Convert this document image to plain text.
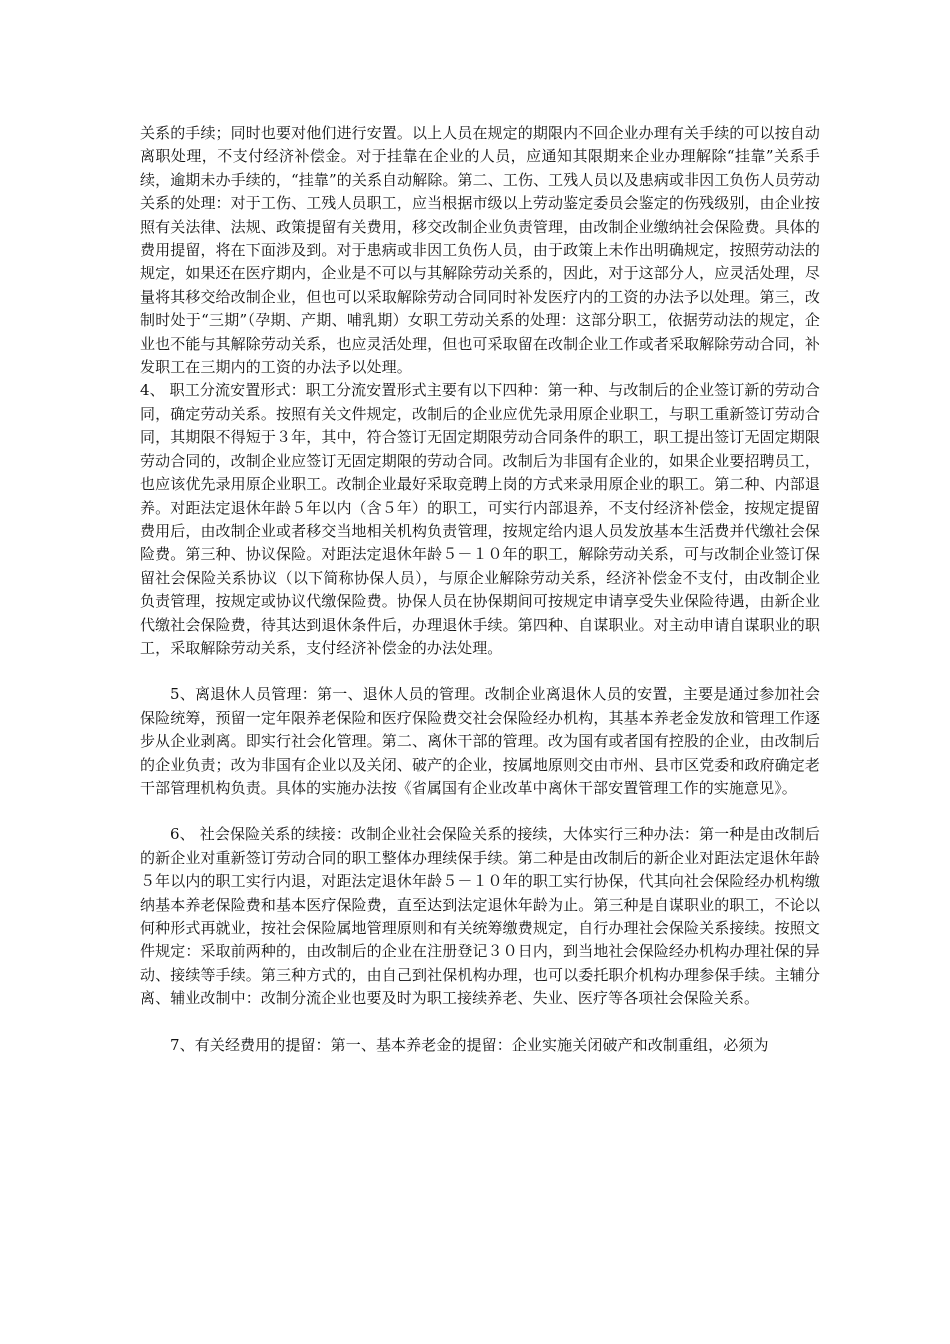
关系的手续；同时也要对他们进行安置。以上人员在规定的期限内不回企业办理有关手续的可以按自动离职处理，不支付经济补偿金。对于挂靠在企业的人员，应通知其限期来企业办理解除“挂靠”关系手续，逾期未办手续的，“挂靠”的关系自动解除。第二、工伤、工残人员以及患病或非因工负伤人员劳动关系的处理：对于工伤、工残人员职工，应当根据市级以上劳动鉴定委员会鉴定的伤残级别，由企业按照有关法律、法规、政策提留有关费用，移交改制企业负责管理，由改制企业缴纳社会保险费。具体的费用提留，将在下面涉及到。对于患病或非因工负伤人员，由于政策上未作出明确规定，按照劳动法的规定，如果还在医疗期内，企业是不可以与其解除劳动关系的，因此，对于这部分人，应灵活处理，尽量将其移交给改制企业，但也可以采取解除劳动合同同时补发医疗内的工资的办法予以处理。第三，改制时处于“三期”（孕期、产期、哺乳期）女职工劳动关系的处理：这部分职工，依据劳动法的规定，企业也不能与其解除劳动关系，也应灵活处理，但也可采取留在改制企业工作或者采取解除劳动合同，补发职工在三期内的工资的办法予以处理。

4、 职工分流安置形式：职工分流安置形式主要有以下四种：第一种、与改制后的企业签订新的劳动合同，确定劳动关系。按照有关文件规定，改制后的企业应优先录用原企业职工，与职工重新签订劳动合同，其期限不得短于３年，其中，符合签订无固定期限劳动合同条件的职工，职工提出签订无固定期限劳动合同的，改制企业应签订无固定期限的劳动合同。改制后为非国有企业的，如果企业要招聘员工，也应该优先录用原企业职工。改制企业最好采取竞聘上岗的方式来录用原企业的职工。第二种、内部退养。对距法定退休年龄５年以内（含５年）的职工，可实行内部退养，不支付经济补偿金，按规定提留费用后，由改制企业或者移交当地相关机构负责管理，按规定给内退人员发放基本生活费并代缴社会保险费。第三种、协议保险。对距法定退休年龄５－１０年的职工，解除劳动关系，可与改制企业签订保留社会保险关系协议（以下简称协保人员），与原企业解除劳动关系，经济补偿金不支付，由改制企业负责管理，按规定或协议代缴保险费。协保人员在协保期间可按规定申请享受失业保险待遇，由新企业代缴社会保险费，待其达到退休条件后，办理退休手续。第四种、自谋职业。对主动申请自谋职业的职工，采取解除劳动关系，支付经济补偿金的办法处理。

5、离退休人员管理：第一、退休人员的管理。改制企业离退休人员的安置，主要是通过参加社会保险统筹，预留一定年限养老保险和医疗保险费交社会保险经办机构，其基本养老金发放和管理工作逐步从企业剥离。即实行社会化管理。第二、离休干部的管理。改为国有或者国有控股的企业，由改制后的企业负责；改为非国有企业以及关闭、破产的企业，按属地原则交由市州、县市区党委和政府确定老干部管理机构负责。具体的实施办法按《省属国有企业改革中离休干部安置管理工作的实施意见》。

6、 社会保险关系的续接：改制企业社会保险关系的接续，大体实行三种办法：第一种是由改制后的新企业对重新签订劳动合同的职工整体办理续保手续。第二种是由改制后的新企业对距法定退休年龄５年以内的职工实行内退，对距法定退休年龄５－１０年的职工实行协保，代其向社会保险经办机构缴纳基本养老保险费和基本医疗保险费，直至达到法定退休年龄为止。第三种是自谋职业的职工，不论以何种形式再就业，按社会保险属地管理原则和有关统筹缴费规定，自行办理社会保险关系接续。按照文件规定：采取前两种的，由改制后的企业在注册登记３０日内，到当地社会保险经办机构办理社保的异动、接续等手续。第三种方式的，由自己到社保机构办理，也可以委托职介机构办理参保手续。主辅分离、辅业改制中：改制分流企业也要及时为职工接续养老、失业、医疗等各项社会保险关系。

7、有关经费用的提留：第一、基本养老金的提留：企业实施关闭破产和改制重组，必须为
